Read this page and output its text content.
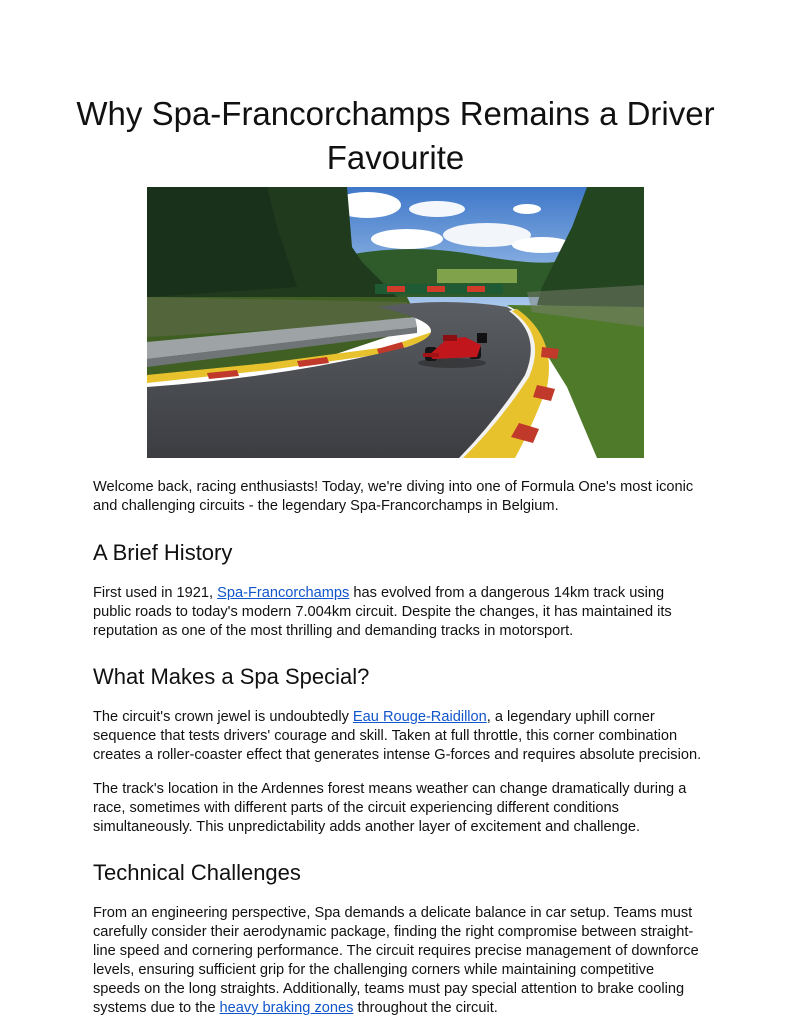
Why Spa-Francorchamps Remains a Driver Favourite

Welcome back, racing enthusiasts! Today, we're diving into one of Formula One's most iconic and challenging circuits - the legendary Spa-Francorchamps in Belgium.

A Brief History

First used in 1921, Spa-Francorchamps has evolved from a dangerous 14km track using public roads to today's modern 7.004km circuit. Despite the changes, it has maintained its reputation as one of the most thrilling and demanding tracks in motorsport.

What Makes a Spa Special?

The circuit's crown jewel is undoubtedly Eau Rouge-Raidillon, a legendary uphill corner sequence that tests drivers' courage and skill. Taken at full throttle, this corner combination creates a roller-coaster effect that generates intense G-forces and requires absolute precision.

The track's location in the Ardennes forest means weather can change dramatically during a race, sometimes with different parts of the circuit experiencing different conditions simultaneously. This unpredictability adds another layer of excitement and challenge.

Technical Challenges

From an engineering perspective, Spa demands a delicate balance in car setup. Teams must carefully consider their aerodynamic package, finding the right compromise between straight-line speed and cornering performance. The circuit requires precise management of downforce levels, ensuring sufficient grip for the challenging corners while maintaining competitive speeds on the long straights. Additionally, teams must pay special attention to brake cooling systems due to the heavy braking zones throughout the circuit.
